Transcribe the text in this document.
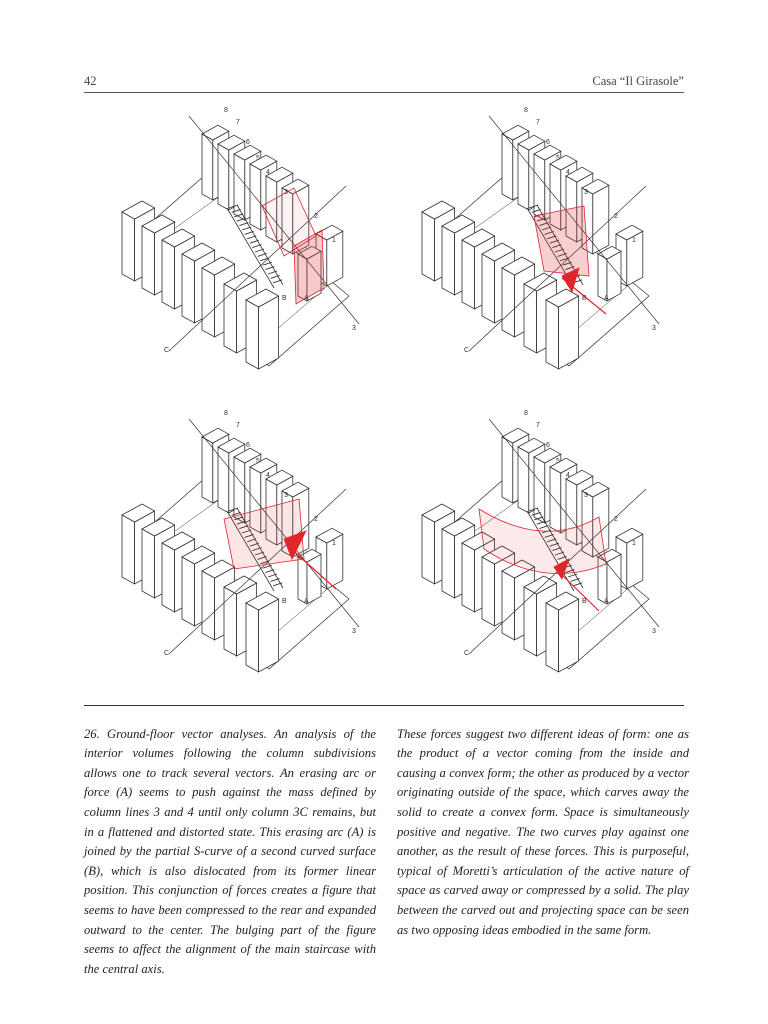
42	Casa “Il Girasole”
8
7
6
5
4
3
2
1
C
3
A
B
8
7
6
5
4
3
2
1
C
3
A
B
8
7
6
5
4
3
2
1
C
3
A
B
8
7
6
5
4
3
2
1
C
3
A
B

26. Ground-floor vector analyses. An analysis of the interior volumes following the column subdivisions allows one to track several vectors. An erasing arc or force (A) seems to push against the mass defined by column lines 3 and 4 until only column 3C remains, but in a flattened and distorted state. This erasing arc (A) is joined by the partial S-curve of a second curved surface (B), which is also dislocated from its former linear position. This conjunction of forces creates a figure that seems to have been compressed to the rear and expanded outward to the center. The bulging part of the figure seems to affect the alignment of the main staircase with the central axis.

These forces suggest two different ideas of form: one as the product of a vector coming from the inside and causing a convex form; the other as produced by a vector originating outside of the space, which carves away the solid to create a convex form. Space is simultaneously positive and negative. The two curves play against one another, as the result of these forces. This is purposeful, typical of Moretti’s articulation of the active nature of space as carved away or compressed by a solid. The play between the carved out and projecting space can be seen as two opposing ideas embodied in the same form.
